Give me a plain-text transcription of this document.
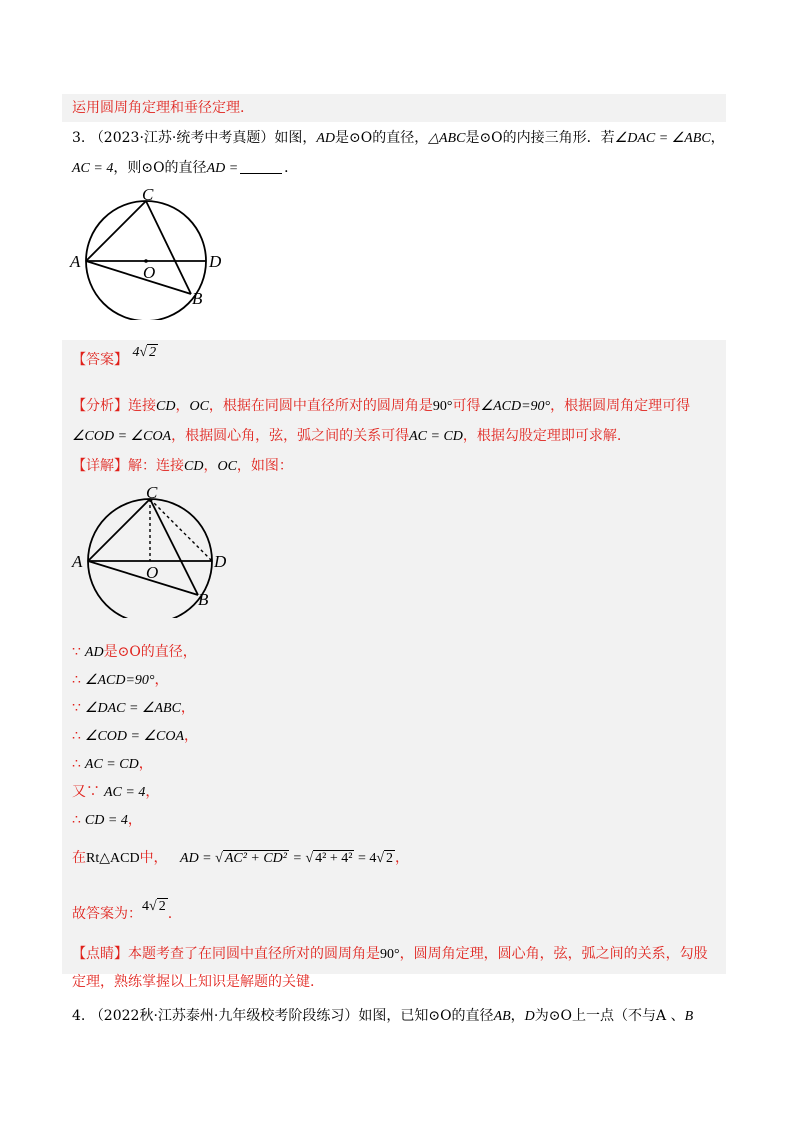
运用圆周角定理和垂径定理.
3. （2023·江苏·统考中考真题）如图，AD是⊙O的直径，△ABC是⊙O的内接三角形．若∠DAC = ∠ABC，
AC = 4，则⊙O的直径AD =	．
C
A
O
D
B
【答案】 4√ 2
【分析】连接CD，OC，根据在同圆中直径所对的圆周角是90°可得∠ACD=90°，根据圆周角定理可得
∠COD = ∠COA，根据圆心角，弦，弧之间的关系可得AC = CD，根据勾股定理即可求解.
【详解】解：连接CD，OC，如图：
C
A
O
D
B
∵ AD是⊙O的直径，
∴ ∠ACD=90°，
∵ ∠DAC = ∠ABC，
∴ ∠COD = ∠COA，
∴ AC = CD，
又∵ AC = 4，
∴ CD = 4，
在Rt△ACD中， AD = √ AC² + CD² = √ 4² + 4² = 4√ 2 ，
故答案为：4√ 2 .
【点睛】本题考查了在同圆中直径所对的圆周角是90°，圆周角定理，圆心角，弦，弧之间的关系，勾股
定理，熟练掌握以上知识是解题的关键.
4. （2022秋·江苏泰州·九年级校考阶段练习）如图，已知⊙O的直径AB，D为⊙O上一点（不与A 、B
